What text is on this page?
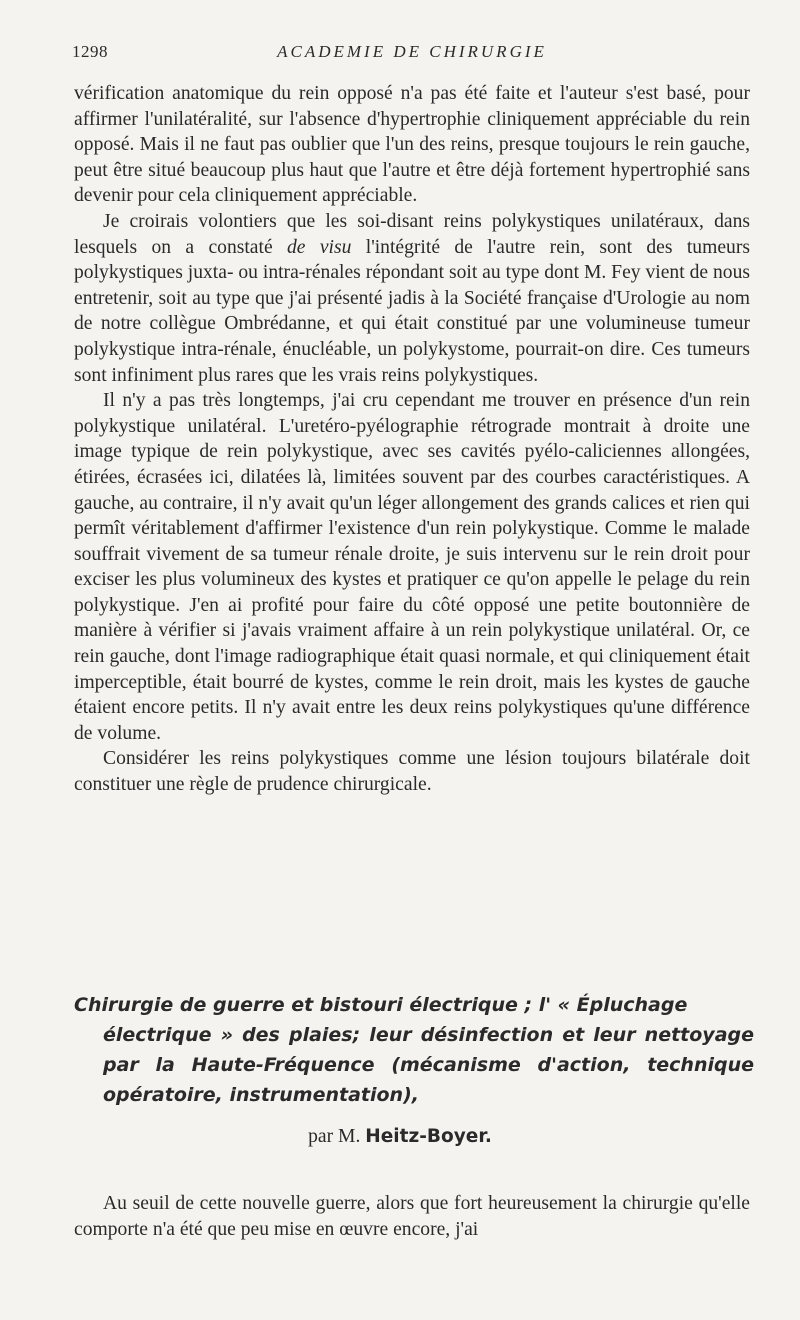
1298	ACADEMIE DE CHIRURGIE

vérification anatomique du rein opposé n'a pas été faite et l'auteur s'est basé, pour affirmer l'unilatéralité, sur l'absence d'hypertrophie cliniquement appréciable du rein opposé. Mais il ne faut pas oublier que l'un des reins, presque toujours le rein gauche, peut être situé beaucoup plus haut que l'autre et être déjà fortement hypertrophié sans devenir pour cela cliniquement appréciable.

Je croirais volontiers que les soi-disant reins polykystiques unilatéraux, dans lesquels on a constaté de visu l'intégrité de l'autre rein, sont des tumeurs polykystiques juxta- ou intra-rénales répondant soit au type dont M. Fey vient de nous entretenir, soit au type que j'ai présenté jadis à la Société française d'Urologie au nom de notre collègue Ombrédanne, et qui était constitué par une volumineuse tumeur polykystique intra-rénale, énucléable, un polykystome, pourrait-on dire. Ces tumeurs sont infiniment plus rares que les vrais reins polykystiques.

Il n'y a pas très longtemps, j'ai cru cependant me trouver en présence d'un rein polykystique unilatéral. L'uretéro-pyélographie rétrograde montrait à droite une image typique de rein polykystique, avec ses cavités pyélo-caliciennes allongées, étirées, écrasées ici, dilatées là, limitées souvent par des courbes caractéristiques. A gauche, au contraire, il n'y avait qu'un léger allongement des grands calices et rien qui permît véritablement d'affirmer l'existence d'un rein polykystique. Comme le malade souffrait vivement de sa tumeur rénale droite, je suis intervenu sur le rein droit pour exciser les plus volumineux des kystes et pratiquer ce qu'on appelle le pelage du rein polykystique. J'en ai profité pour faire du côté opposé une petite boutonnière de manière à vérifier si j'avais vraiment affaire à un rein polykystique unilatéral. Or, ce rein gauche, dont l'image radiographique était quasi normale, et qui cliniquement était imperceptible, était bourré de kystes, comme le rein droit, mais les kystes de gauche étaient encore petits. Il n'y avait entre les deux reins polykystiques qu'une différence de volume.

Considérer les reins polykystiques comme une lésion toujours bilatérale doit constituer une règle de prudence chirurgicale.

Chirurgie de guerre et bistouri électrique ; l' « Épluchage
électrique » des plaies; leur désinfection et leur nettoyage par la Haute-Fréquence (mécanisme d'action, technique opératoire, instrumentation),
par M. Heitz-Boyer.

Au seuil de cette nouvelle guerre, alors que fort heureusement la chirurgie qu'elle comporte n'a été que peu mise en œuvre encore, j'ai
